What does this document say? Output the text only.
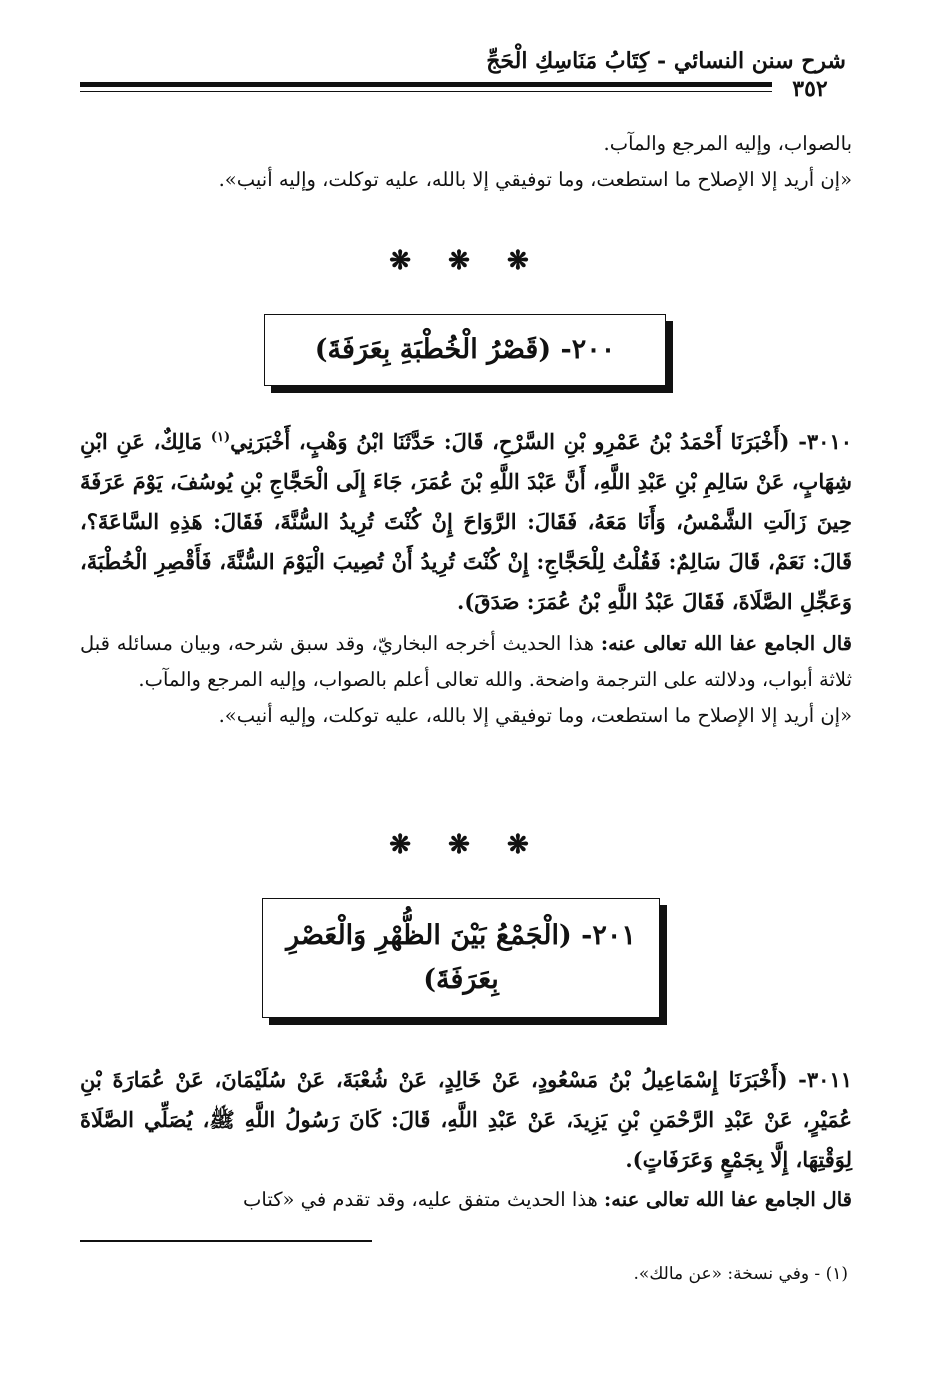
شرح سنن النسائي - كِتَابُ مَنَاسِكِ الْحَجِّ
٣٥٢

بالصواب، وإليه المرجع والمآب.

«إن أريد إلا الإصلاح ما استطعت، وما توفيقي إلا بالله، عليه توكلت، وإليه أنيب».

❋ ❋ ❋
٢٠٠- (قَصْرُ الْخُطْبَةِ بِعَرَفَةَ)

٣٠١٠- (أَخْبَرَنَا أَحْمَدُ بْنُ عَمْرِو بْنِ السَّرْحِ، قَالَ: حَدَّثَنَا ابْنُ وَهْبٍ، أَخْبَرَنِي$^{(١)}$ مَالِكٌ، عَنِ ابْنِ شِهَابٍ، عَنْ سَالِمِ بْنِ عَبْدِ اللَّهِ، أَنَّ عَبْدَ اللَّهِ بْنَ عُمَرَ، جَاءَ إِلَى الْحَجَّاجِ بْنِ يُوسُفَ، يَوْمَ عَرَفَةَ حِينَ زَالَتِ الشَّمْسُ، وَأَنَا مَعَهُ، فَقَالَ: الرَّوَاحَ إِنْ كُنْتَ تُرِيدُ السُّنَّةَ، فَقَالَ: هَذِهِ السَّاعَةَ؟، قَالَ: نَعَمْ، قَالَ سَالِمٌ: فَقُلْتُ لِلْحَجَّاجِ: إِنْ كُنْتَ تُرِيدُ أَنْ تُصِيبَ الْيَوْمَ السُّنَّةَ، فَأَقْصِرِ الْخُطْبَةَ، وَعَجِّلِ الصَّلَاةَ، فَقَالَ عَبْدُ اللَّهِ بْنُ عُمَرَ: صَدَقَ).

قال الجامع عفا الله تعالى عنه: هذا الحديث أخرجه البخاريّ، وقد سبق شرحه، وبيان مسائله قبل ثلاثة أبواب، ودلالته على الترجمة واضحة. والله تعالى أعلم بالصواب، وإليه المرجع والمآب.

«إن أريد إلا الإصلاح ما استطعت، وما توفيقي إلا بالله، عليه توكلت، وإليه أنيب».

❋ ❋ ❋
٢٠١- (الْجَمْعُ بَيْنَ الظُّهْرِ وَالْعَصْرِ
بِعَرَفَةَ)

٣٠١١- (أَخْبَرَنَا إِسْمَاعِيلُ بْنُ مَسْعُودٍ، عَنْ خَالِدٍ، عَنْ شُعْبَةَ، عَنْ سُلَيْمَانَ، عَنْ عُمَارَةَ بْنِ عُمَيْرٍ، عَنْ عَبْدِ الرَّحْمَنِ بْنِ يَزِيدَ، عَنْ عَبْدِ اللَّهِ، قَالَ: كَانَ رَسُولُ اللَّهِ ﷺ، يُصَلِّي الصَّلَاةَ لِوَقْتِهَا، إِلَّا بِجَمْعٍ وَعَرَفَاتٍ).

قال الجامع عفا الله تعالى عنه: هذا الحديث متفق عليه، وقد تقدم في «كتاب

(١) - وفي نسخة: «عن مالك».
